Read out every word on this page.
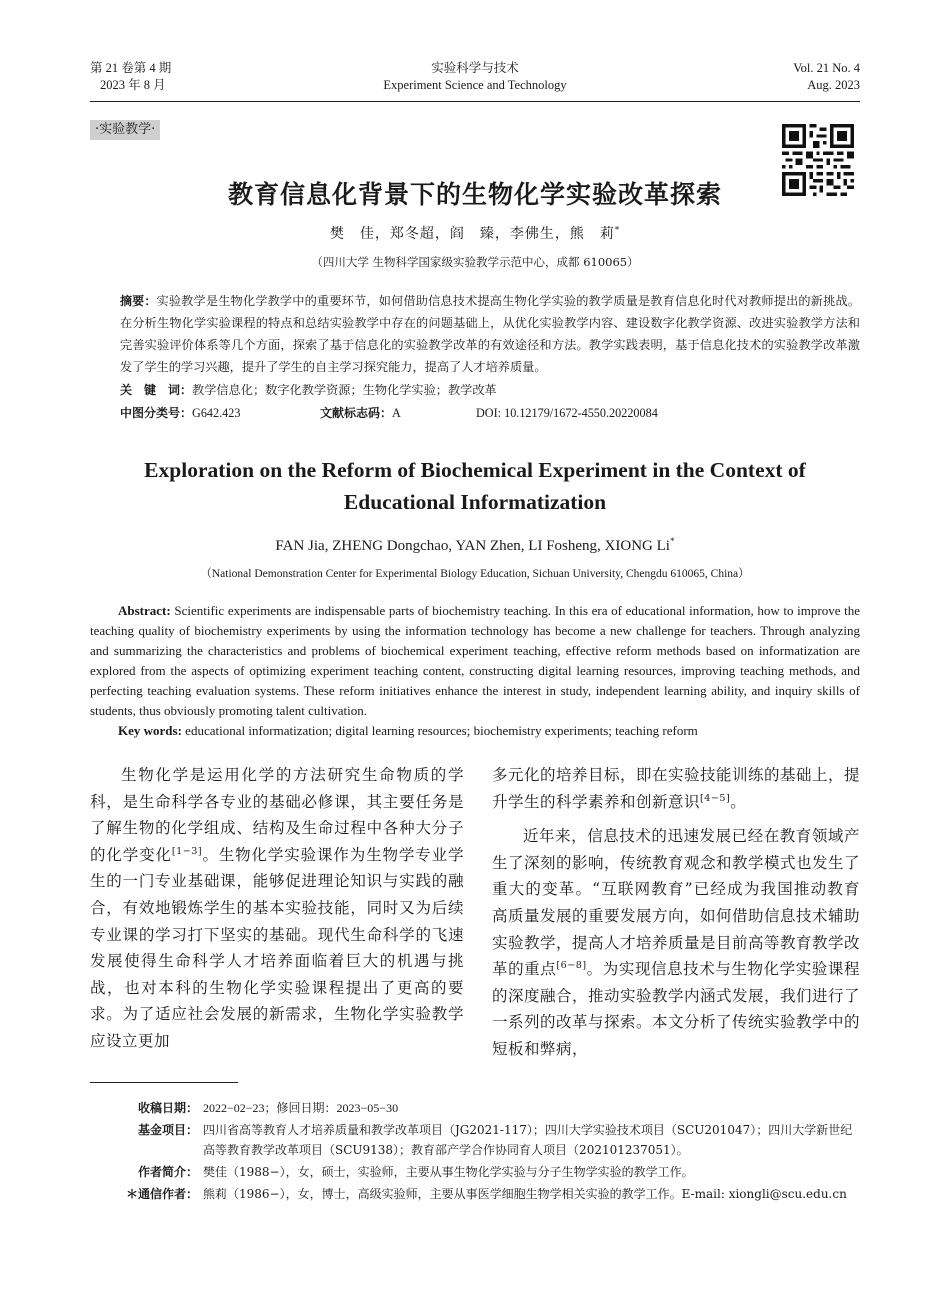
第 21 卷第 4 期
2023 年 8 月
实验科学与技术
Experiment Science and Technology
Vol. 21 No. 4
Aug. 2023
·实验教学·
教育信息化背景下的生物化学实验改革探索
樊　佳，郑冬超，阎　臻，李佛生，熊　莉*
（四川大学 生物科学国家级实验教学示范中心，成都 610065）
摘要：实验教学是生物化学教学中的重要环节，如何借助信息技术提高生物化学实验的教学质量是教育信息化时代对教师提出的新挑战。在分析生物化学实验课程的特点和总结实验教学中存在的问题基础上，从优化实验教学内容、建设数字化教学资源、改进实验教学方法和完善实验评价体系等几个方面，探索了基于信息化的实验教学改革的有效途径和方法。教学实践表明，基于信息化技术的实验教学改革激发了学生的学习兴趣，提升了学生的自主学习探究能力，提高了人才培养质量。
关　键　词：教学信息化；数字化教学资源；生物化学实验；教学改革
中图分类号：G642.423	文献标志码：A	DOI: 10.12179/1672-4550.20220084
Exploration on the Reform of Biochemical Experiment in the Context of
Educational Informatization
FAN Jia, ZHENG Dongchao, YAN Zhen, LI Fosheng, XIONG Li*
（National Demonstration Center for Experimental Biology Education, Sichuan University, Chengdu 610065, China）
Abstract: Scientific experiments are indispensable parts of biochemistry teaching. In this era of educational information, how to improve the teaching quality of biochemistry experiments by using the information technology has become a new challenge for teachers. Through analyzing and summarizing the characteristics and problems of biochemical experiment teaching, effective reform methods based on informatization are explored from the aspects of optimizing experiment teaching content, constructing digital learning resources, improving teaching methods, and perfecting teaching evaluation systems. These reform initiatives enhance the interest in study, independent learning ability, and inquiry skills of students, thus obviously promoting talent cultivation.
Key words: educational informatization; digital learning resources; biochemistry experiments; teaching reform

生物化学是运用化学的方法研究生命物质的学科，是生命科学各专业的基础必修课，其主要任务是了解生物的化学组成、结构及生命过程中各种大分子的化学变化[1−3]。生物化学实验课作为生物学专业学生的一门专业基础课，能够促进理论知识与实践的融合，有效地锻炼学生的基本实验技能，同时又为后续专业课的学习打下坚实的基础。现代生命科学的飞速发展使得生命科学人才培养面临着巨大的机遇与挑战，也对本科的生物化学实验课程提出了更高的要求。为了适应社会发展的新需求，生物化学实验教学应设立更加

多元化的培养目标，即在实验技能训练的基础上，提升学生的科学素养和创新意识[4−5]。

近年来，信息技术的迅速发展已经在教育领域产生了深刻的影响，传统教育观念和教学模式也发生了重大的变革。“互联网教育”已经成为我国推动教育高质量发展的重要发展方向，如何借助信息技术辅助实验教学，提高人才培养质量是目前高等教育教学改革的重点[6−8]。为实现信息技术与生物化学实验课程的深度融合，推动实验教学内涵式发展，我们进行了一系列的改革与探索。本文分析了传统实验教学中的短板和弊病，

收稿日期： 2022−02−23；修回日期：2023−05−30
基金项目： 四川省高等教育人才培养质量和教学改革项目（JG2021-117）；四川大学实验技术项目（SCU201047）；四川大学新世纪高等教育教学改革项目（SCU9138）；教育部产学合作协同育人项目（202101237051）。
作者简介： 樊佳（1988−），女，硕士，实验师，主要从事生物化学实验与分子生物学实验的教学工作。
＊通信作者： 熊莉（1986−），女，博士，高级实验师，主要从事医学细胞生物学相关实验的教学工作。E-mail: xiongli@scu.edu.cn
